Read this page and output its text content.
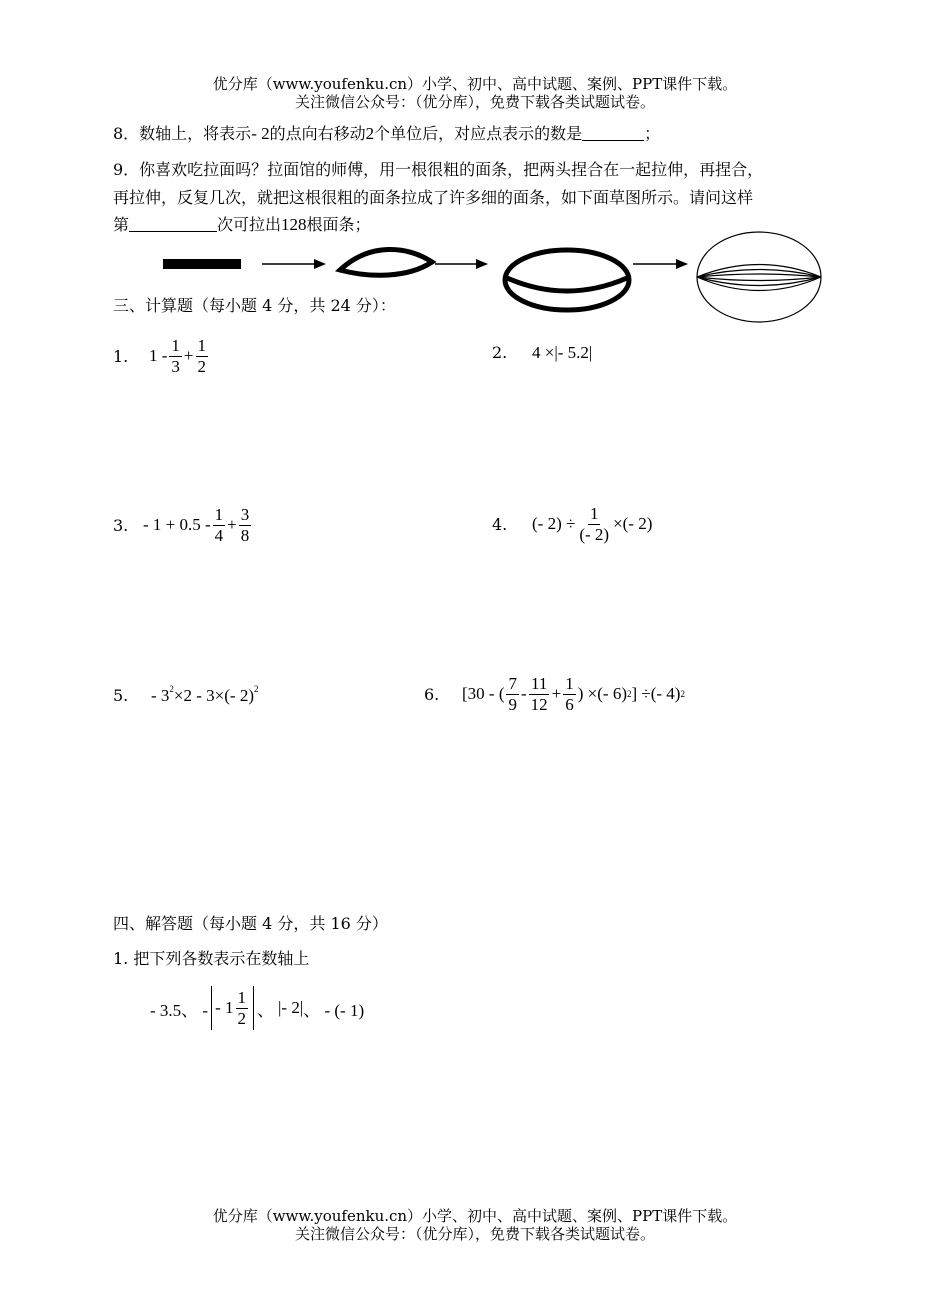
优分库（www.youfenku.cn）小学、初中、高中试题、案例、PPT课件下载。
关注微信公众号：（优分库），免费下载各类试题试卷。
8．数轴上，将表示- 2的点向右移动2个单位后，对应点表示的数是	；
9．你喜欢吃拉面吗？拉面馆的师傅，用一根很粗的面条，把两头捏合在一起拉伸，再捏合，
再拉伸，反复几次，就把这根很粗的面条拉成了许多细的面条，如下面草图所示。请问这样
第	次可拉出128根面条；
三、计算题（每小题 4 分，共 24 分）：
1.	$1 - \frac{1}{3} + \frac{1}{2}$	2. 4 ×|- 5.2|
3. - $1 + 0.5 - \frac{1}{4} + \frac{3}{8}$	4.	(- $2) \div \frac{1}{(- 2)}$ ×(- 2)
5. - $3^2\times 2 - 3\times(-$ 2)$^2$	6.	[30 - ( $\frac{7}{9} - \frac{11}{12} + \frac{1}{6}$ ) ×(- 6) 2 ] ÷(- 4) 2
四、解答题（每小题 4 分，共 16 分）
1. 把下列各数表示在数轴上
- 3.5、 - - $1 \frac{1}{2}$ 、 |- 2| 、 - (- 1)
优分库（www.youfenku.cn）小学、初中、高中试题、案例、PPT课件下载。
关注微信公众号：（优分库），免费下载各类试题试卷。
